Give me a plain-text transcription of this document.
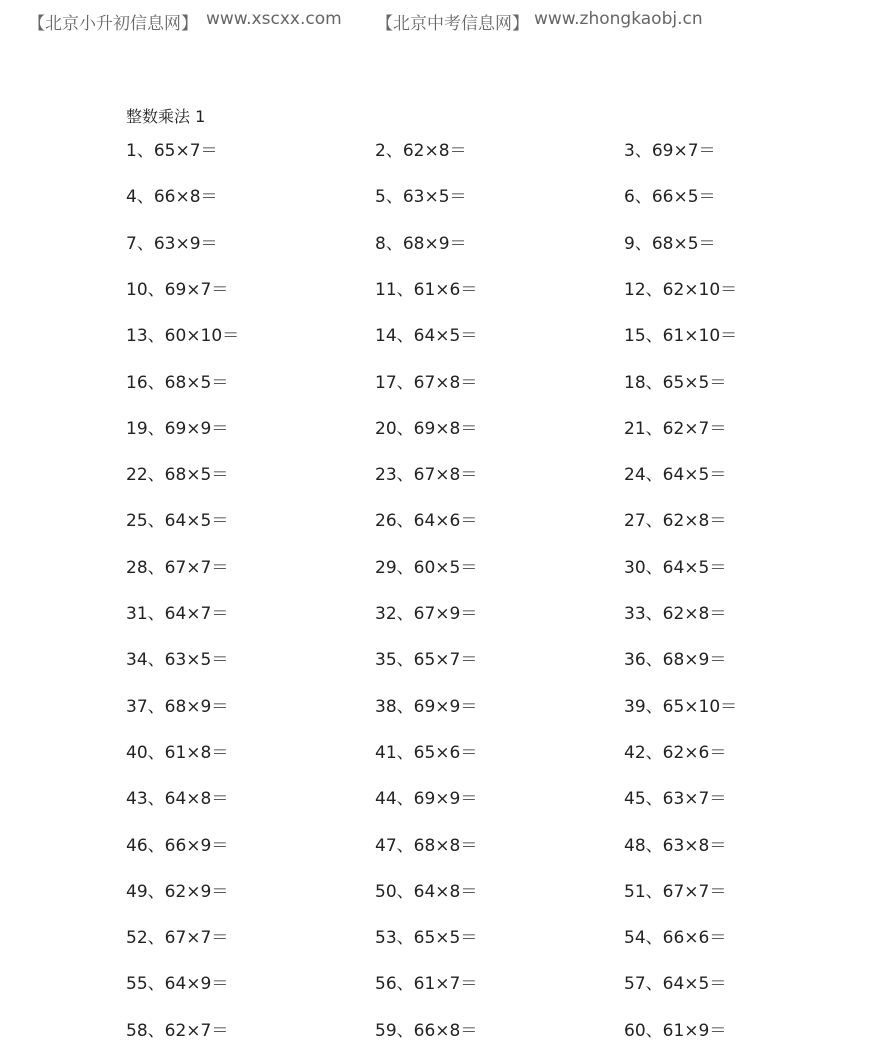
【北京小升初信息网】 www.xscxx.com 【北京中考信息网】 www.zhongkaobj.cn
整数乘法 1
1、65×7＝	2、62×8＝	3、69×7＝
4、66×8＝	5、63×5＝	6、66×5＝
7、63×9＝	8、68×9＝	9、68×5＝
10、69×7＝	11、61×6＝	12、62×10＝
13、60×10＝	14、64×5＝	15、61×10＝
16、68×5＝	17、67×8＝	18、65×5＝
19、69×9＝	20、69×8＝	21、62×7＝
22、68×5＝	23、67×8＝	24、64×5＝
25、64×5＝	26、64×6＝	27、62×8＝
28、67×7＝	29、60×5＝	30、64×5＝
31、64×7＝	32、67×9＝	33、62×8＝
34、63×5＝	35、65×7＝	36、68×9＝
37、68×9＝	38、69×9＝	39、65×10＝
40、61×8＝	41、65×6＝	42、62×6＝
43、64×8＝	44、69×9＝	45、63×7＝
46、66×9＝	47、68×8＝	48、63×8＝
49、62×9＝	50、64×8＝	51、67×7＝
52、67×7＝	53、65×5＝	54、66×6＝
55、64×9＝	56、61×7＝	57、64×5＝
58、62×7＝	59、66×8＝	60、61×9＝
